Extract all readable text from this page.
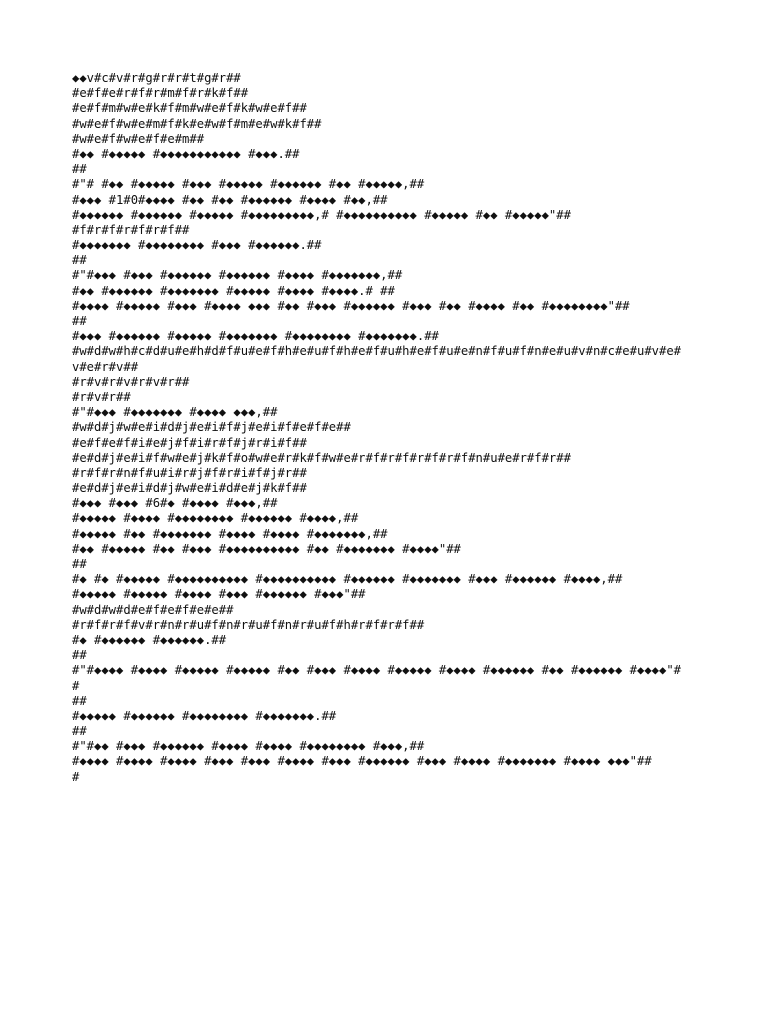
◆◆v#c#v#r#g#r#r#t#g#r##
#e#f#e#r#f#r#m#f#r#k#f##
#e#f#m#w#e#k#f#m#w#e#f#k#w#e#f##
#w#e#f#w#e#m#f#k#e#w#f#m#e#w#k#f##
#w#e#f#w#e#f#e#m##
#◆◆ #◆◆◆◆◆ #◆◆◆◆◆◆◆◆◆◆◆ #◆◆◆.##
##
#"# #◆◆ #◆◆◆◆◆ #◆◆◆ #◆◆◆◆◆ #◆◆◆◆◆◆ #◆◆ #◆◆◆◆◆,##
#◆◆◆ #1#0#◆◆◆◆ #◆◆ #◆◆ #◆◆◆◆◆◆ #◆◆◆◆ #◆◆,##
#◆◆◆◆◆◆ #◆◆◆◆◆◆ #◆◆◆◆◆ #◆◆◆◆◆◆◆◆◆,# #◆◆◆◆◆◆◆◆◆◆ #◆◆◆◆◆ #◆◆ #◆◆◆◆◆"##
#f#r#f#r#f#r#f##
#◆◆◆◆◆◆◆ #◆◆◆◆◆◆◆◆ #◆◆◆ #◆◆◆◆◆◆.##
##
#"#◆◆◆ #◆◆◆ #◆◆◆◆◆◆ #◆◆◆◆◆◆ #◆◆◆◆ #◆◆◆◆◆◆◆,##
#◆◆ #◆◆◆◆◆◆ #◆◆◆◆◆◆◆ #◆◆◆◆◆ #◆◆◆◆ #◆◆◆◆.# ##
#◆◆◆◆ #◆◆◆◆◆ #◆◆◆ #◆◆◆◆ ◆◆◆ #◆◆ #◆◆◆ #◆◆◆◆◆◆ #◆◆◆ #◆◆ #◆◆◆◆ #◆◆ #◆◆◆◆◆◆◆◆"##
##
#◆◆◆ #◆◆◆◆◆◆ #◆◆◆◆◆ #◆◆◆◆◆◆◆ #◆◆◆◆◆◆◆◆ #◆◆◆◆◆◆◆.##
#w#d#w#h#c#d#u#e#h#d#f#u#e#f#h#e#u#f#h#e#f#u#h#e#f#u#e#n#f#u#f#n#e#u#v#n#c#e#u#v#e#
v#e#r#v##
#r#v#r#v#r#v#r##
#r#v#r##
#"#◆◆◆ #◆◆◆◆◆◆◆ #◆◆◆◆ ◆◆◆,##
#w#d#j#w#e#i#d#j#e#i#f#j#e#i#f#e#f#e##
#e#f#e#f#i#e#j#f#i#r#f#j#r#i#f##
#e#d#j#e#i#f#w#e#j#k#f#o#w#e#r#k#f#w#e#r#f#r#f#r#f#r#f#n#u#e#r#f#r##
#r#f#r#n#f#u#i#r#j#f#r#i#f#j#r##
#e#d#j#e#i#d#j#w#e#i#d#e#j#k#f##
#◆◆◆ #◆◆◆ #6#◆ #◆◆◆◆ #◆◆◆,##
#◆◆◆◆◆ #◆◆◆◆ #◆◆◆◆◆◆◆◆ #◆◆◆◆◆◆ #◆◆◆◆,##
#◆◆◆◆◆ #◆◆ #◆◆◆◆◆◆◆ #◆◆◆◆ #◆◆◆◆ #◆◆◆◆◆◆◆,##
#◆◆ #◆◆◆◆◆ #◆◆ #◆◆◆ #◆◆◆◆◆◆◆◆◆◆ #◆◆ #◆◆◆◆◆◆◆ #◆◆◆◆"##
##
#◆ #◆ #◆◆◆◆◆ #◆◆◆◆◆◆◆◆◆◆ #◆◆◆◆◆◆◆◆◆◆ #◆◆◆◆◆◆ #◆◆◆◆◆◆◆ #◆◆◆ #◆◆◆◆◆◆ #◆◆◆◆,##
#◆◆◆◆◆ #◆◆◆◆◆ #◆◆◆◆ #◆◆◆ #◆◆◆◆◆◆ #◆◆◆"##
#w#d#w#d#e#f#e#f#e#e##
#r#f#r#f#v#r#n#r#u#f#n#r#u#f#n#r#u#f#h#r#f#r#f##
#◆ #◆◆◆◆◆◆ #◆◆◆◆◆◆.##
##
#"#◆◆◆◆ #◆◆◆◆ #◆◆◆◆◆ #◆◆◆◆◆ #◆◆ #◆◆◆ #◆◆◆◆ #◆◆◆◆◆ #◆◆◆◆ #◆◆◆◆◆◆ #◆◆ #◆◆◆◆◆◆ #◆◆◆◆"#
#
##
#◆◆◆◆◆ #◆◆◆◆◆◆ #◆◆◆◆◆◆◆◆ #◆◆◆◆◆◆◆.##
##
#"#◆◆ #◆◆◆ #◆◆◆◆◆◆ #◆◆◆◆ #◆◆◆◆ #◆◆◆◆◆◆◆◆ #◆◆◆,##
#◆◆◆◆ #◆◆◆◆ #◆◆◆◆ #◆◆◆ #◆◆◆ #◆◆◆◆ #◆◆◆ #◆◆◆◆◆◆ #◆◆◆ #◆◆◆◆ #◆◆◆◆◆◆◆ #◆◆◆◆ ◆◆◆"##
#
